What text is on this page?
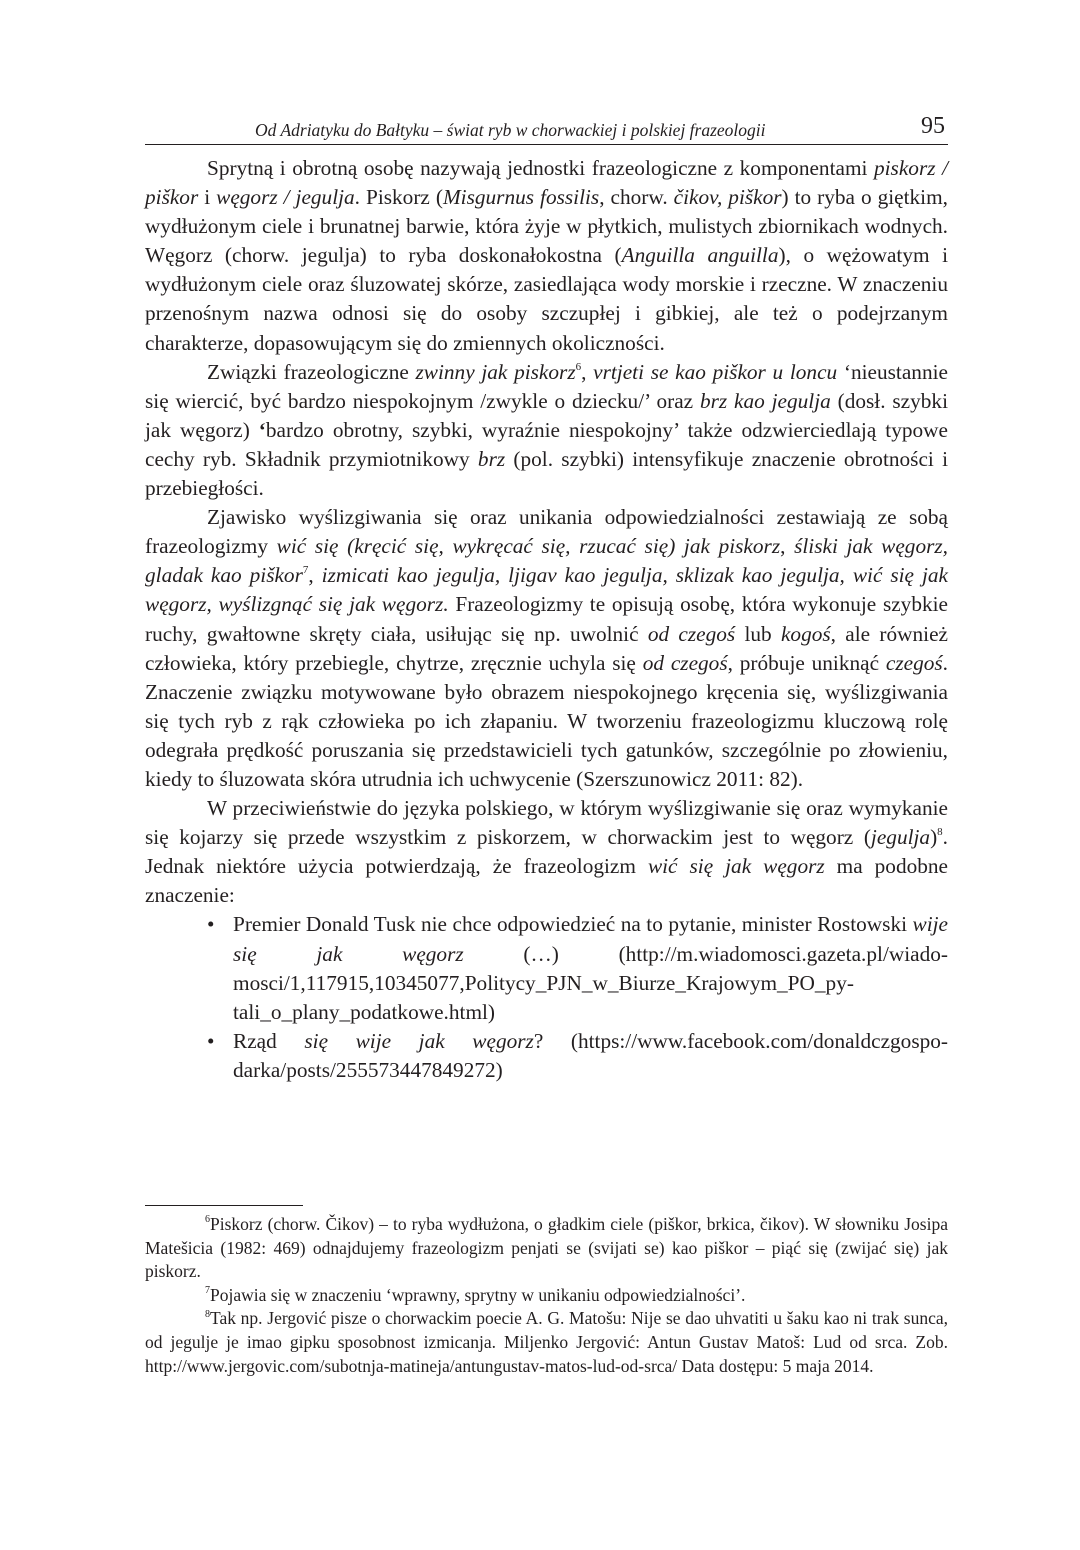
Od Adriatyku do Bałtyku – świat ryb w chorwackiej i polskiej frazeologii	95

Sprytną i obrotną osobę nazywają jednostki frazeologiczne z komponentami piskorz / piškor i węgorz / jegulja. Piskorz (Misgurnus fossilis, chorw. čikov, piškor) to ryba o giętkim, wydłużonym ciele i brunatnej barwie, która żyje w płytkich, mulistych zbiornikach wodnych. Węgorz (chorw. jegulja) to ryba doskonałokostna (Anguilla anguilla), o wężowatym i wydłużonym ciele oraz śluzowatej skórze, zasiedlająca wody morskie i rzeczne. W znaczeniu przenośnym nazwa odnosi się do osoby szczupłej i gibkiej, ale też o podejrzanym charakterze, dopasowującym się do zmiennych okoliczności.

Związki frazeologiczne zwinny jak piskorz$^6$, vrtjeti se kao piškor u loncu ‘nieustannie się wiercić, być bardzo niespokojnym /zwykle o dziecku/’ oraz brz kao jegulja (dosł. szybki jak węgorz) ‘bardzo obrotny, szybki, wyraźnie niespokojny’ także odzwierciedlają typowe cechy ryb. Składnik przymiotnikowy brz (pol. szybki) intensyfikuje znaczenie obrotności i przebiegłości.

Zjawisko wyślizgiwania się oraz unikania odpowiedzialności zestawiają ze sobą frazeologizmy wić się (kręcić się, wykręcać się, rzucać się) jak piskorz, śliski jak węgorz, gladak kao piškor$^7$, izmicati kao jegulja, ljigav kao jegulja, sklizak kao jegulja, wić się jak węgorz, wyślizgnąć się jak węgorz. Frazeologizmy te opisują osobę, która wykonuje szybkie ruchy, gwałtowne skręty ciała, usiłując się np. uwolnić od czegoś lub kogoś, ale również człowieka, który przebiegle, chytrze, zręcznie uchyla się od czegoś, próbuje uniknąć czegoś. Znaczenie związku motywowane było obrazem niespokojnego kręcenia się, wyślizgiwania się tych ryb z rąk człowieka po ich złapaniu. W tworzeniu frazeologizmu kluczową rolę odegrała prędkość poruszania się przedstawicieli tych gatunków, szczególnie po złowieniu, kiedy to śluzowata skóra utrudnia ich uchwycenie (Szerszunowicz 2011: 82).

W przeciwieństwie do języka polskiego, w którym wyślizgiwanie się oraz wymykanie się kojarzy się przede wszystkim z piskorzem, w chorwackim jest to węgorz (jegulja)$^8$. Jednak niektóre użycia potwierdzają, że frazeologizm wić się jak węgorz ma podobne znaczenie:

• Premier Donald Tusk nie chce odpowiedzieć na to pytanie, minister Rostowski wije się jak węgorz (…) (http://m.wiadomosci.gazeta.pl/wiadomosci/1,117915,10345077,Politycy_PJN_w_Biurze_Krajowym_PO_pytali_o_plany_podatkowe.html)
• Rząd się wije jak węgorz? (https://www.facebook.com/donaldczgospodarka/posts/255573447849272)

$^6$Piskorz (chorw. Čikov) – to ryba wydłużona, o gładkim ciele (piškor, brkica, čikov). W słowniku Josipa Matešicia (1982: 469) odnajdujemy frazeologizm penjati se (svijati se) kao piškor – piąć się (zwijać się) jak piskorz.

$^7$Pojawia się w znaczeniu ‘wprawny, sprytny w unikaniu odpowiedzialności’.

$^8$Tak np. Jergović pisze o chorwackim poecie A. G. Matošu: Nije se dao uhvatiti u šaku kao ni trak sunca, od jegulje je imao gipku sposobnost izmicanja. Miljenko Jergović: Antun Gustav Matoš: Lud od srca. Zob. http://www.jergovic.com/subotnja-matineja/antungustav-matos-lud-od-srca/ Data dostępu: 5 maja 2014.
